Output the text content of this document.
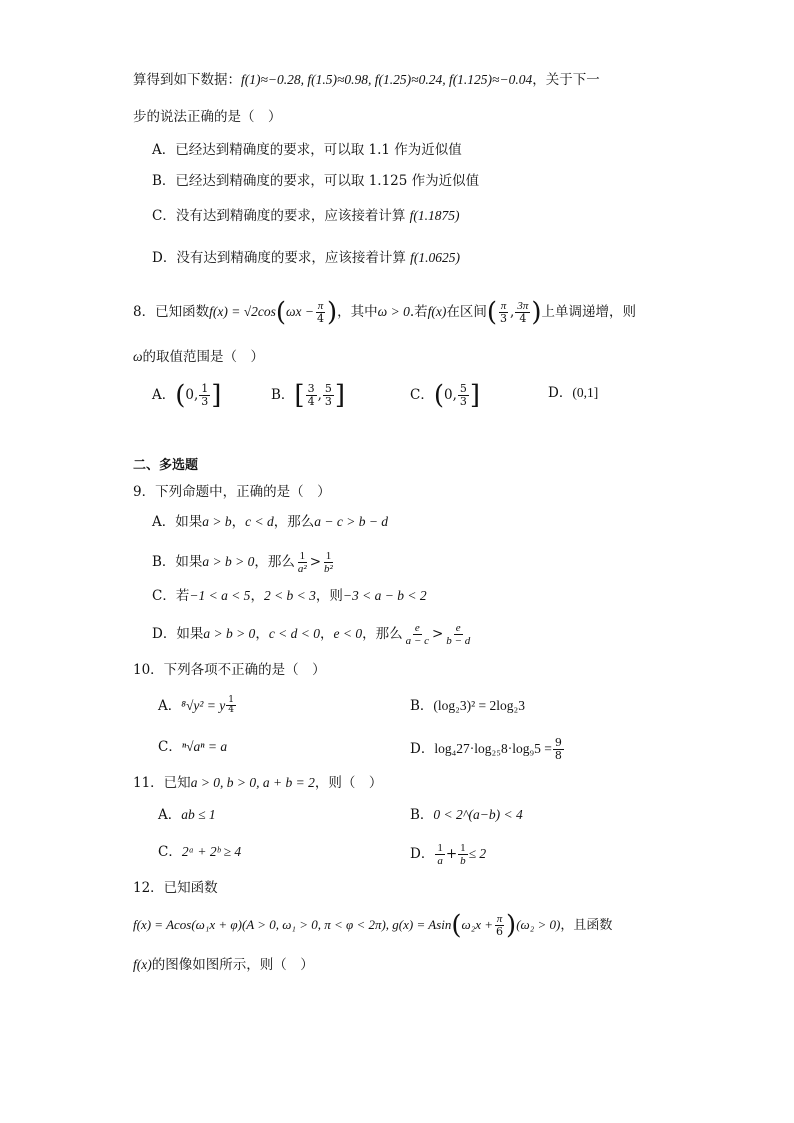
算得到如下数据：f(1)≈−0.28, f(1.5)≈0.98, f(1.25)≈0.24, f(1.125)≈−0.04，关于下一
步的说法正确的是（　）
A．已经达到精确度的要求，可以取 1.1 作为近似值
B．已经达到精确度的要求，可以取 1.125 作为近似值
C．没有达到精确度的要求，应该接着计算 f(1.1875)
D．没有达到精确度的要求，应该接着计算 f(1.0625)
8．已知函数$f(x) = √2\cos(\omega x - \frac{\pi}{4}$ )，其中ω > 0.若f(x)在区间( $\frac{\pi}{3}$ , $\frac{3\pi}{4}$ )上单调递增，则
ω的取值范围是（　）
A．(0, $\frac{1}{3}$ ]	B．[ $\frac{3}{4}$ , $\frac{5}{3}$ ]	C．(0, $\frac{5}{3}$ ]	D．(0,1]
二、多选题
9．下列命题中，正确的是（　）
A．如果a > b，c < d，那么a − c > b − d
B．如果a > b > 0，那么 $\frac{1}{\text{a²}} > \frac{1}{\text{b²}}$
C．若−1 < a < 5，2 < b < 3，则−3 < a − b < 2
D．如果a > b > 0，c < d < 0，e < 0，那么 $\frac{e}{a - c} > \frac{e}{b - d}$
10．下列各项不正确的是（　）
A．⁸√y² = y $^{\frac{1}{4}}$	B．(log₂3)² = 2log₂3
C．ⁿ√aⁿ = a	D．$\log_427\cdot\log_{25}8\cdot\log_95 = \frac{9}{8}$
11．已知a > 0, b > 0, a + b = 2，则（　）
A．ab ≤ 1	B．0 < 2^(a−b) < 4
C．2ᵃ + 2ᵇ ≥ 4	D． $\frac{1}{a} + \frac{1}{b} \le 2$
12．已知函数
f(x) = Acos(ω₁x + φ)(A > 0, ω₁ > 0, π < φ < 2π), $g(x) = Asin(\omega_2x + \frac{\pi}{6} )(\omega_2 > 0)$，且函数
f(x)的图像如图所示，则（　）
